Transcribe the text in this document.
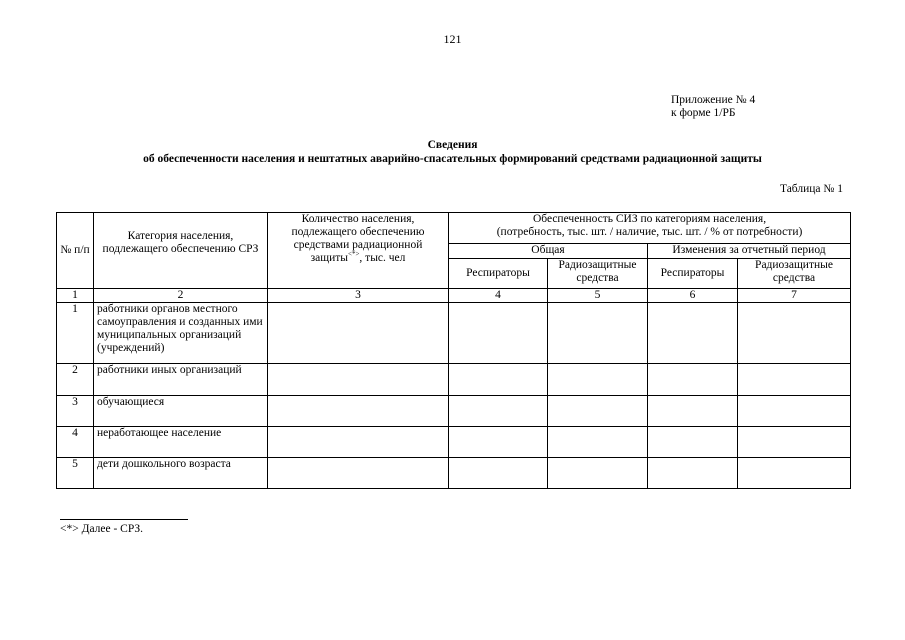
121
Приложение № 4
к форме 1/РБ
Сведения
об обеспеченности населения и нештатных аварийно-спасательных формирований средствами радиационной защиты
Таблица № 1
№ п/п	Категория населения, подлежащего обеспечению СРЗ	Количество населения, подлежащего обеспечению средствами радиационной защиты<*>, тыс. чел	Обеспеченность СИЗ по категориям населения,
(потребность, тыс. шт. / наличие, тыс. шт. / % от потребности)			

			Общая		Изменения за отчетный период	
			Респираторы	Радиозащитные средства	Респираторы	Радиозащитные средства
1	2	3	4	5	6	7
1	работники органов местного самоуправления и созданных ими муниципальных организаций (учреждений)					
2	работники иных организаций					
3	обучающиеся					
4	неработающее население					
5	дети дошкольного возраста					
<*> Далее - СРЗ.
